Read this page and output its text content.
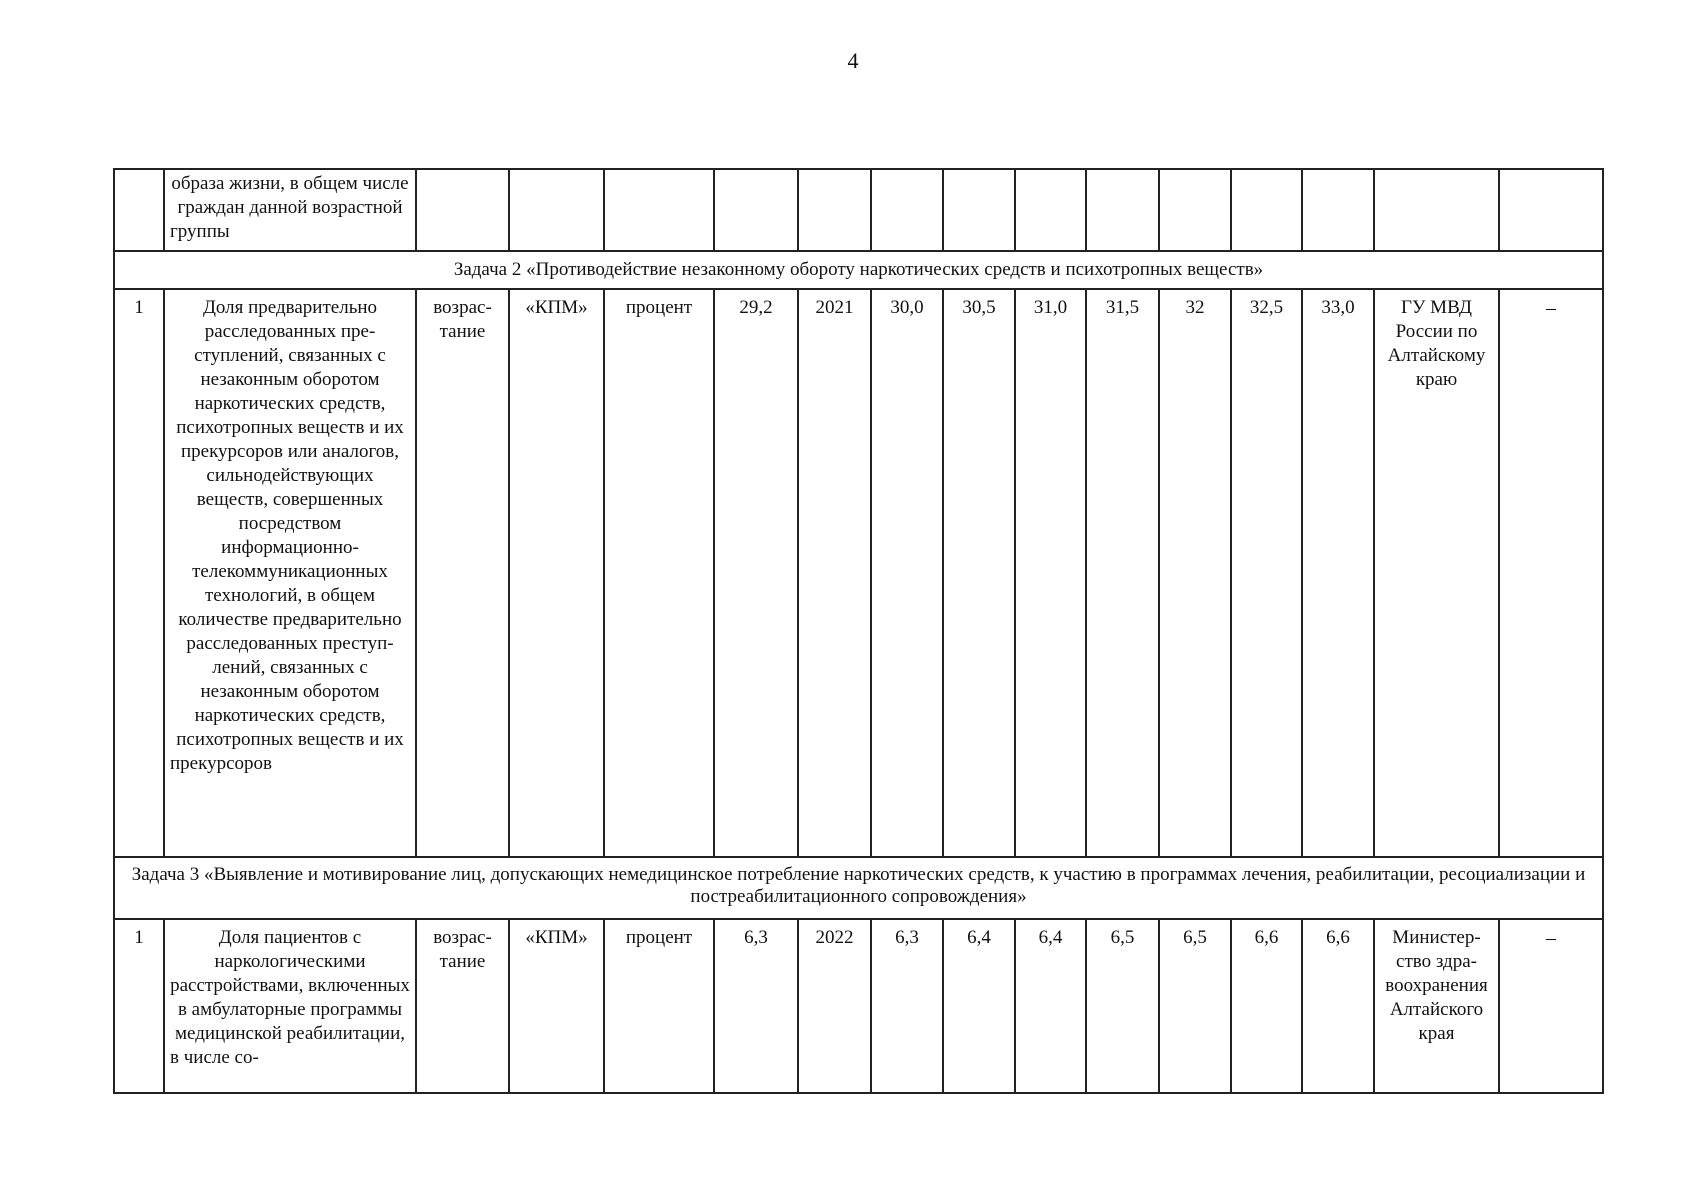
4
	образа жизни, в общем числе граждан данной возрастной группы														
Задача 2 «Противодействие незаконному обороту наркотических средств и психотропных веществ»															
1	Доля предварительно расследованных преступлений, связанных с незаконным оборотом наркотических средств, психотропных веществ и их прекурсоров или аналогов, сильнодействующих веществ, совершенных посредством информационно-телекоммуникационных технологий, в общем количестве предварительно расследованных преступлений, связанных с незаконным оборотом наркотических средств, психотропных веществ и их прекурсоров	возрастание	«КПМ»	процент	29,2	2021	30,0	30,5	31,0	31,5	32	32,5	33,0	ГУ МВД России по Алтайскому краю	–
Задача 3 «Выявление и мотивирование лиц, допускающих немедицинское потребление наркотических средств, к участию в программах лечения, реабилитации, ресоциализации и постреабилитационного сопровождения»															
1	Доля пациентов с наркологическими расстройствами, включенных в амбулаторные программы медицинской реабилитации, в числе со-	возрастание	«КПМ»	процент	6,3	2022	6,3	6,4	6,4	6,5	6,5	6,6	6,6	Министерство здравоохранения Алтайского края	–
